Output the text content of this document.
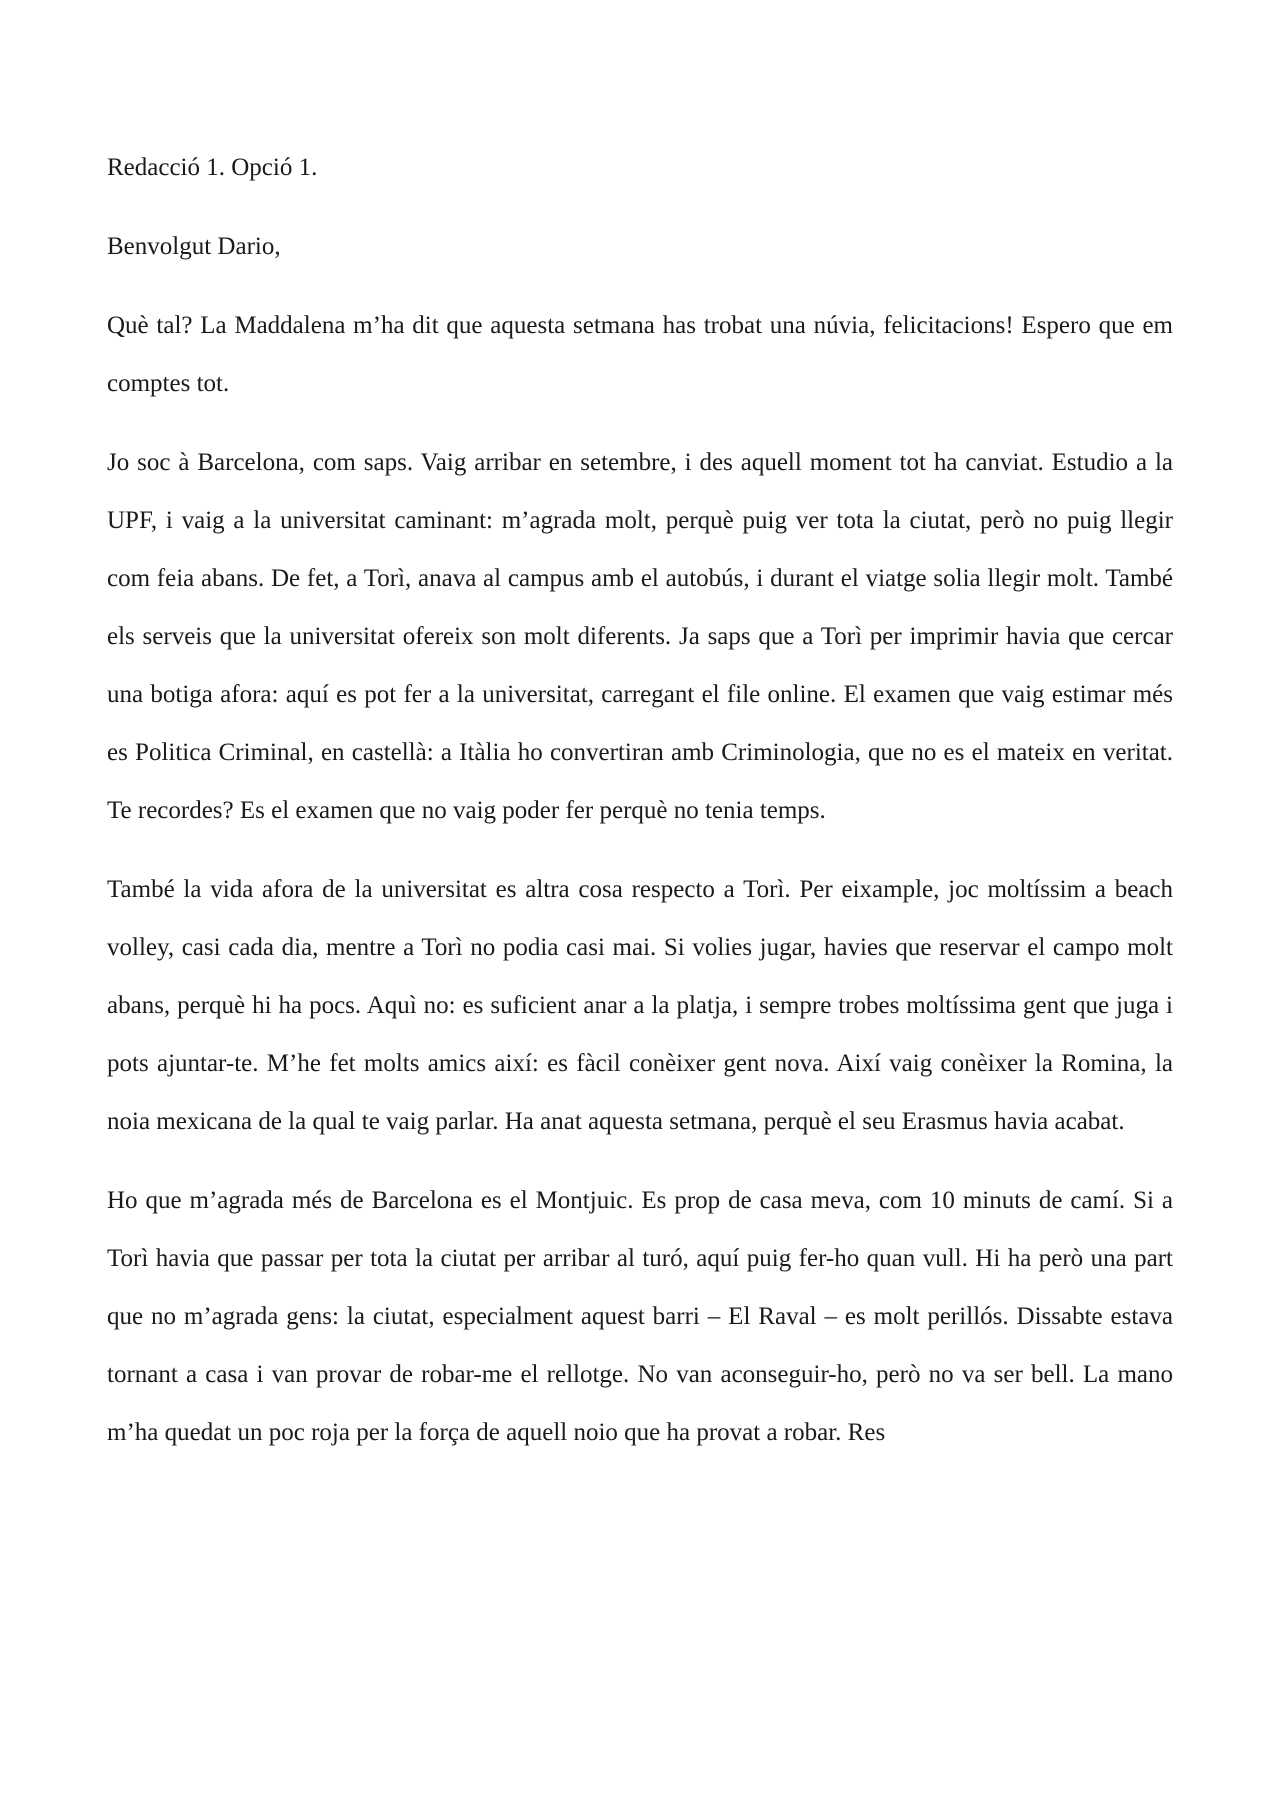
Redacció 1. Opció 1.

Benvolgut Dario,

Què tal? La Maddalena m’ha dit que aquesta setmana has trobat una núvia, felicitacions! Espero que em comptes tot.

Jo soc à Barcelona, com saps. Vaig arribar en setembre, i des aquell moment tot ha canviat. Estudio a la UPF, i vaig a la universitat caminant: m’agrada molt, perquè puig ver tota la ciutat, però no puig llegir com feia abans. De fet, a Torì, anava al campus amb el autobús, i durant el viatge solia llegir molt. També els serveis que la universitat ofereix son molt diferents. Ja saps que a Torì per imprimir havia que cercar una botiga afora: aquí es pot fer a la universitat, carregant el file online. El examen que vaig estimar més es Politica Criminal, en castellà: a Itàlia ho convertiran amb Criminologia, que no es el mateix en veritat. Te recordes? Es el examen que no vaig poder fer perquè no tenia temps.

També la vida afora de la universitat es altra cosa respecto a Torì. Per eixample, joc moltíssim a beach volley, casi cada dia, mentre a Torì no podia casi mai. Si volies jugar, havies que reservar el campo molt abans, perquè hi ha pocs. Aquì no: es suficient anar a la platja, i sempre trobes moltíssima gent que juga i pots ajuntar-te. M’he fet molts amics així: es fàcil conèixer gent nova. Així vaig conèixer la Romina, la noia mexicana de la qual te vaig parlar. Ha anat aquesta setmana, perquè el seu Erasmus havia acabat.

Ho que m’agrada més de Barcelona es el Montjuic. Es prop de casa meva, com 10 minuts de camí. Si a Torì havia que passar per tota la ciutat per arribar al turó, aquí puig fer-ho quan vull. Hi ha però una part que no m’agrada gens: la ciutat, especialment aquest barri – El Raval – es molt perillós. Dissabte estava tornant a casa i van provar de robar-me el rellotge. No van aconseguir-ho, però no va ser bell. La mano m’ha quedat un poc roja per la força de aquell noio que ha provat a robar. Res
